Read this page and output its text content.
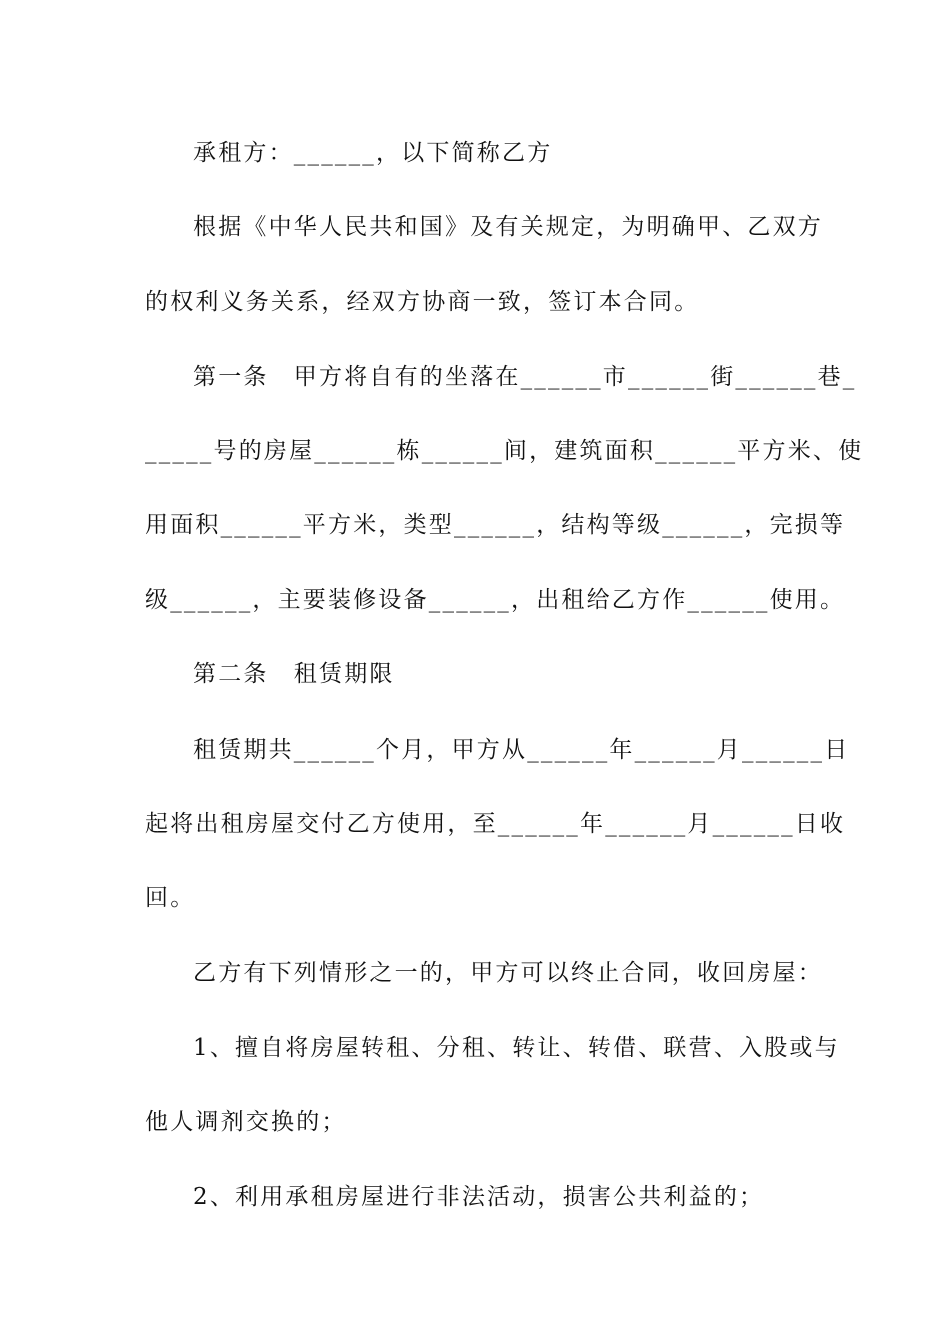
承租方：______，以下简称乙方
根据《中华人民共和国》及有关规定，为明确甲、乙双方
的权利义务关系，经双方协商一致，签订本合同。
第一条　甲方将自有的坐落在______市______街______巷_
_____号的房屋______栋______间，建筑面积______平方米、使
用面积______平方米，类型______，结构等级______，完损等
级______，主要装修设备______，出租给乙方作______使用。
第二条　租赁期限
租赁期共______个月，甲方从______年______月______日
起将出租房屋交付乙方使用，至______年______月______日收
回。
乙方有下列情形之一的，甲方可以终止合同，收回房屋：
1、擅自将房屋转租、分租、转让、转借、联营、入股或与
他人调剂交换的；
2、利用承租房屋进行非法活动，损害公共利益的；
